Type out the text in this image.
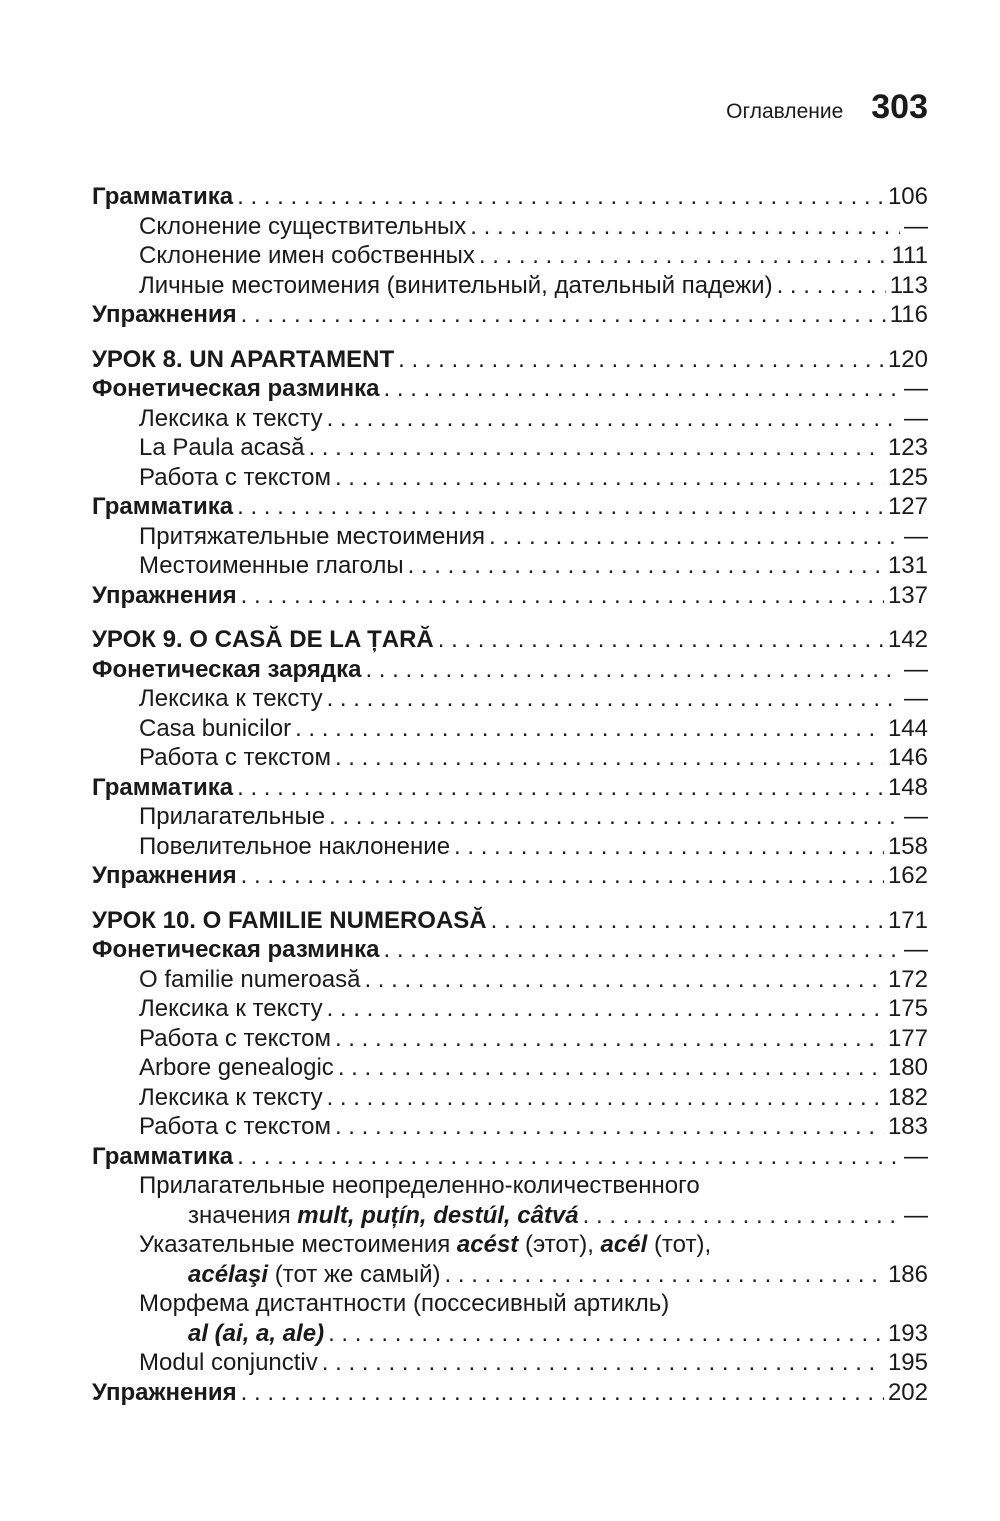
Оглавление 303
Грамматика . . .	106
Склонение существительных . . .	—
Склонение имен собственных . . .	111
Личные местоимения (винительный, дательный падежи) . . .	113
Упражнения . . .	116
УРОК 8. UN APARTAMENT . . .	120
Фонетическая разминка . . .	—
Лексика к тексту . . .	—
La Paula acasă . . .	123
Работа с текстом . . .	125
Грамматика . . .	127
Притяжательные местоимения . . .	—
Местоименные глаголы . . .	131
Упражнения . . .	137
УРОК 9. O CASĂ DE LA ȚARĂ . . .	142
Фонетическая зарядка . . .	—
Лексика к тексту . . .	—
Casa bunicilor . . .	144
Работа с текстом . . .	146
Грамматика . . .	148
Прилагательные . . .	—
Повелительное наклонение . . .	158
Упражнения . . .	162
УРОК 10. O FAMILIE NUMEROASĂ . . .	171
Фонетическая разминка . . .	—
O familie numeroasă . . .	172
Лексика к тексту . . .	175
Работа с текстом . . .	177
Arbore genealogic . . .	180
Лексика к тексту . . .	182
Работа с текстом . . .	183
Грамматика . . .	—
Прилагательные неопределенно-количественного
значения mult, puțín, destúl, câtvá . . .	—
Указательные местоимения acést (этот), acél (тот),
acélaşi (тот же самый) . . .	186
Морфема дистантности (поссесивный артикль)
al (ai, a, ale) . . .	193
Modul conjunctiv . . .	195
Упражнения . . .	202
